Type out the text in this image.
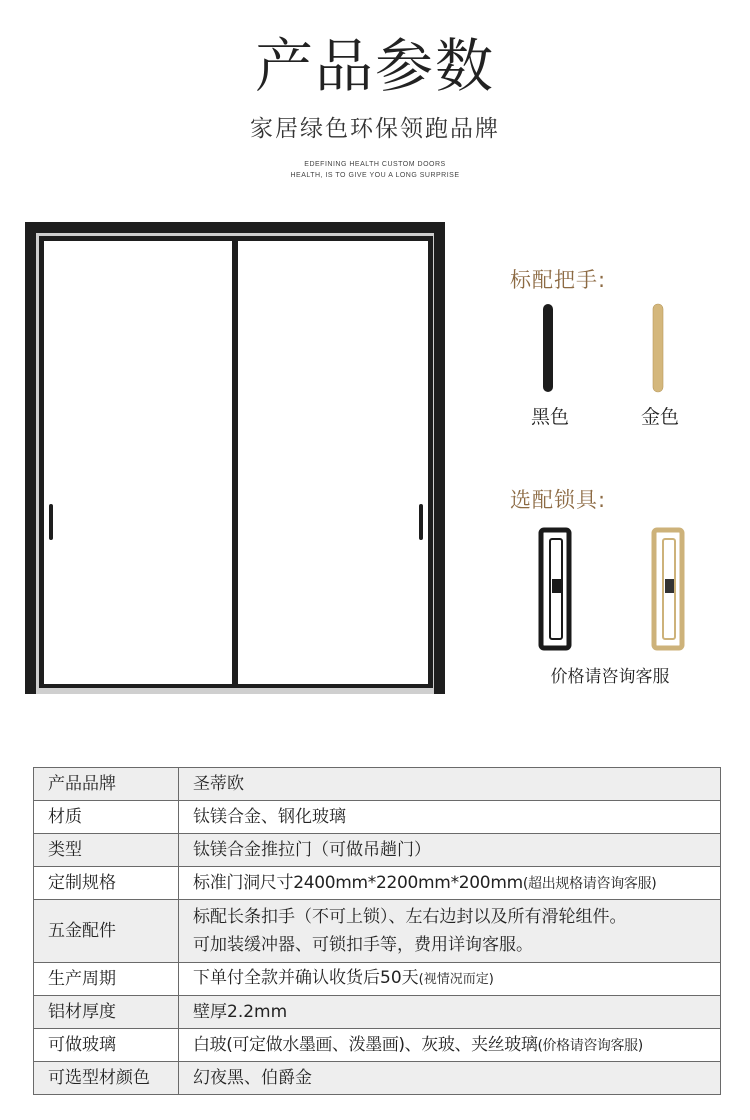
产品参数
家居绿色环保领跑品牌
EDEFINING HEALTH CUSTOM DOORS
HEALTH, IS TO GIVE YOU A LONG SURPRISE
标配把手:
黑色	金色
选配锁具:
价格请咨询客服
产品品牌	圣蒂欧
材质	钛镁合金、钢化玻璃
类型	钛镁合金推拉门（可做吊趟门）
定制规格	标准门洞尺寸2400mm*2200mm*200mm(超出规格请咨询客服)
五金配件	标配长条扣手（不可上锁）、左右边封以及所有滑轮组件。
可加装缓冲器、可锁扣手等，费用详询客服。

生产周期	下单付全款并确认收货后50天(视情况而定)
铝材厚度	壁厚2.2mm
可做玻璃	白玻(可定做水墨画、泼墨画)、灰玻、夹丝玻璃(价格请咨询客服)
可选型材颜色	幻夜黑、伯爵金
